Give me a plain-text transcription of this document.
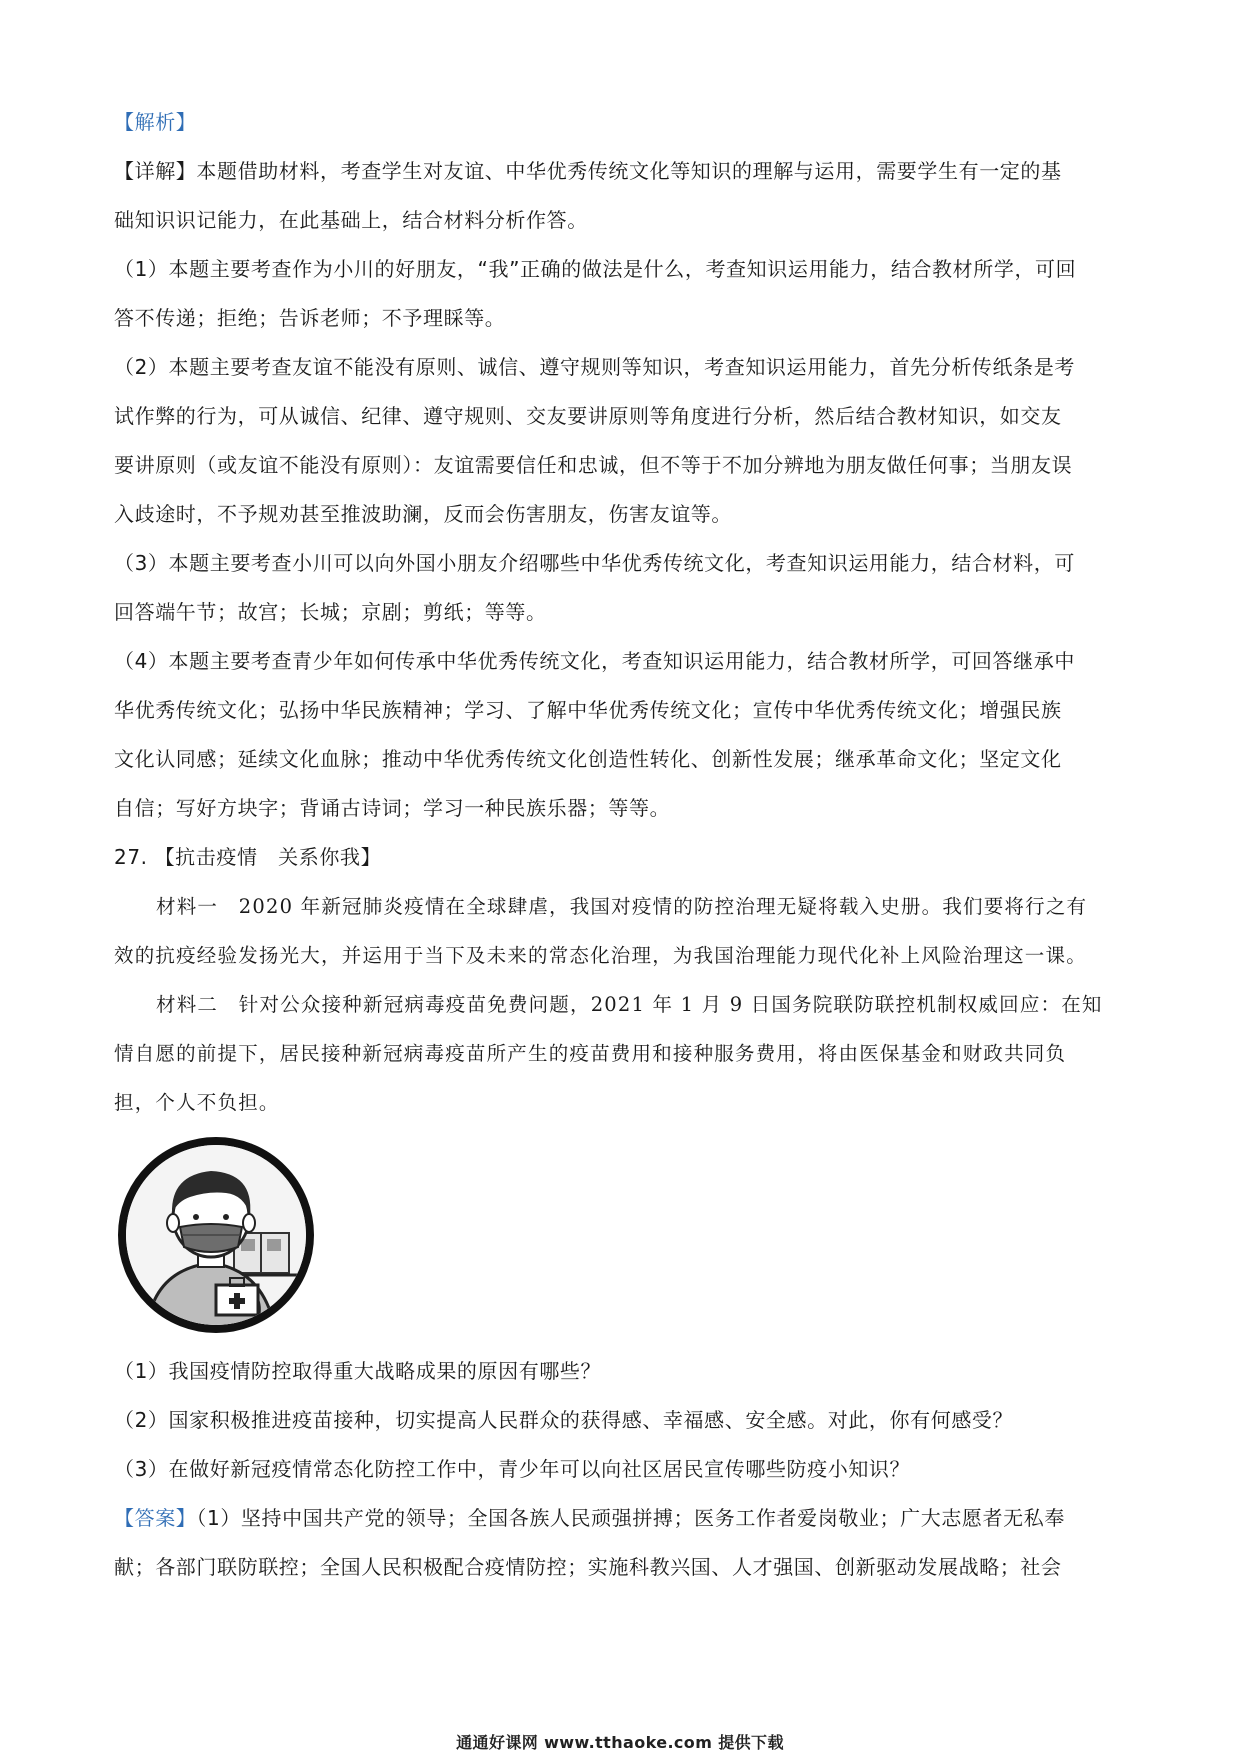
【解析】
【详解】本题借助材料，考查学生对友谊、中华优秀传统文化等知识的理解与运用，需要学生有一定的基
础知识识记能力，在此基础上，结合材料分析作答。
（1）本题主要考查作为小川的好朋友，“我”正确的做法是什么，考查知识运用能力，结合教材所学，可回
答不传递；拒绝；告诉老师；不予理睬等。
（2）本题主要考查友谊不能没有原则、诚信、遵守规则等知识，考查知识运用能力，首先分析传纸条是考
试作弊的行为，可从诚信、纪律、遵守规则、交友要讲原则等角度进行分析，然后结合教材知识，如交友
要讲原则（或友谊不能没有原则）：友谊需要信任和忠诚，但不等于不加分辨地为朋友做任何事；当朋友误
入歧途时，不予规劝甚至推波助澜，反而会伤害朋友，伤害友谊等。
（3）本题主要考查小川可以向外国小朋友介绍哪些中华优秀传统文化，考查知识运用能力，结合材料，可
回答端午节；故宫；长城；京剧；剪纸；等等。
（4）本题主要考查青少年如何传承中华优秀传统文化，考查知识运用能力，结合教材所学，可回答继承中
华优秀传统文化；弘扬中华民族精神；学习、了解中华优秀传统文化；宣传中华优秀传统文化；增强民族
文化认同感；延续文化血脉；推动中华优秀传统文化创造性转化、创新性发展；继承革命文化；坚定文化
自信；写好方块字；背诵古诗词；学习一种民族乐器；等等。
27. 【抗击疫情　关系你我】
材料一　2020 年新冠肺炎疫情在全球肆虐，我国对疫情的防控治理无疑将载入史册。我们要将行之有
效的抗疫经验发扬光大，并运用于当下及未来的常态化治理，为我国治理能力现代化补上风险治理这一课。
材料二　针对公众接种新冠病毒疫苗免费问题，2021 年 1 月 9 日国务院联防联控机制权威回应：在知
情自愿的前提下，居民接种新冠病毒疫苗所产生的疫苗费用和接种服务费用，将由医保基金和财政共同负
担，个人不负担。
（1）我国疫情防控取得重大战略成果的原因有哪些？
（2）国家积极推进疫苗接种，切实提高人民群众的获得感、幸福感、安全感。对此，你有何感受？
（3）在做好新冠疫情常态化防控工作中，青少年可以向社区居民宣传哪些防疫小知识？
【答案】（1）坚持中国共产党的领导；全国各族人民顽强拼搏；医务工作者爱岗敬业；广大志愿者无私奉
献；各部门联防联控；全国人民积极配合疫情防控；实施科教兴国、人才强国、创新驱动发展战略；社会
通通好课网 www.tthaoke.com 提供下载
